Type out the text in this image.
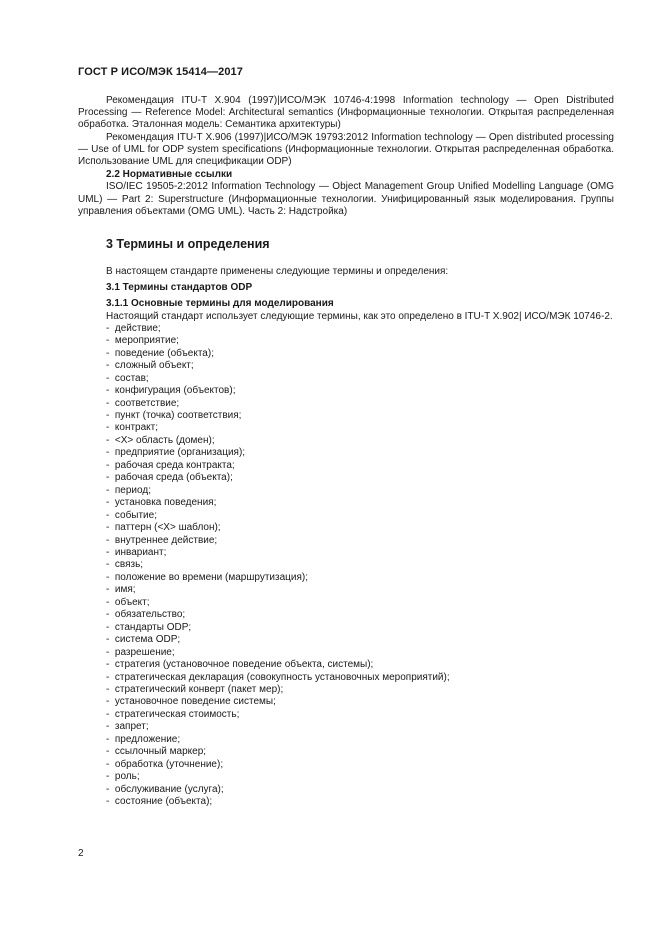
ГОСТ Р ИСО/МЭК 15414—2017

Рекомендация ITU-T X.904 (1997)|ИСО/МЭК 10746-4:1998 Information technology — Open Distributed Processing — Reference Model: Architectural semantics (Информационные технологии. Открытая распределенная обработка. Эталонная модель: Семантика архитектуры)

Рекомендация ITU-T X.906 (1997)|ИСО/МЭК 19793:2012 Information technology — Open distributed processing — Use of UML for ODP system specifications (Информационные технологии. Открытая распределенная обработка. Использование UML для спецификации ODP)

2.2 Нормативные ссылки

ISO/IEC 19505-2:2012 Information Technology — Object Management Group Unified Modelling Language (OMG UML) — Part 2: Superstructure (Информационные технологии. Унифицированный язык моделирования. Группы управления объектами (OMG UML). Часть 2: Надстройка)

3 Термины и определения
В настоящем стандарте применены следующие термины и определения:
3.1 Термины стандартов ODP
3.1.1 Основные термины для моделирования

Настоящий стандарт использует следующие термины, как это определено в ITU-T X.902| ИСО/МЭК 10746-2.

-  действие;
-  мероприятие;
-  поведение (объекта);
-  сложный объект;
-  состав;
-  конфигурация (объектов);
-  соответствие;
-  пункт (точка) соответствия;
-  контракт;
-  <X> область (домен);
-  предприятие (организация);
-  рабочая среда контракта;
-  рабочая среда (объекта);
-  период;
-  установка поведения;
-  событие;
-  паттерн (<X> шаблон);
-  внутреннее действие;
-  инвариант;
-  связь;
-  положение во времени (маршрутизация);
-  имя;
-  объект;
-  обязательство;
-  стандарты ODP;
-  система ODP;
-  разрешение;
-  стратегия (установочное поведение объекта, системы);
-  стратегическая декларация (совокупность установочных мероприятий);
-  стратегический конверт (пакет мер);
-  установочное поведение системы;
-  стратегическая стоимость;
-  запрет;
-  предложение;
-  ссылочный маркер;
-  обработка (уточнение);
-  роль;
-  обслуживание (услуга);
-  состояние (объекта);
2
